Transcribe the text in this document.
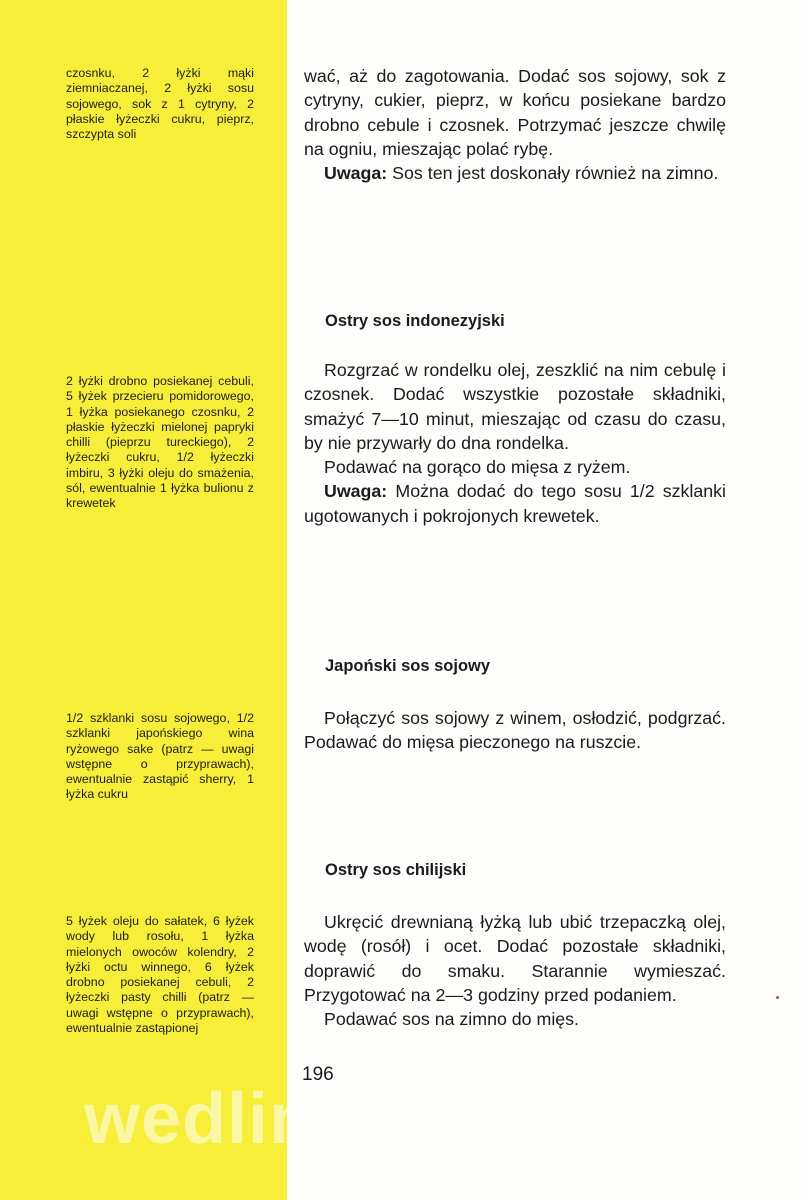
czosnku, 2 łyżki mąki ziemniaczanej, 2 łyżki sosu sojowego, sok z 1 cytryny, 2 płaskie łyżeczki cukru, pieprz, szczypta soli

2 łyżki drobno posiekanej cebuli, 5 łyżek przecieru pomidorowego, 1 łyżka posiekanego czosnku, 2 płaskie łyżeczki mielonej papryki chilli (pieprzu tureckiego), 2 łyżeczki cukru, 1/2 łyżeczki imbiru, 3 łyżki oleju do smażenia, sól, ewentualnie 1 łyżka bulionu z krewetek

1/2 szklanki sosu sojowego, 1/2 szklanki japońskiego wina ryżowego sake (patrz — uwagi wstępne o przyprawach), ewentualnie zastąpić sherry, 1 łyżka cukru

5 łyżek oleju do sałatek, 6 łyżek wody lub rosołu, 1 łyżka mielonych owoców kolendry, 2 łyżki octu winnego, 6 łyżek drobno posiekanej cebuli, 2 łyżeczki pasty chilli (patrz — uwagi wstępne o przyprawach), ewentualnie zastąpionej

wać, aż do zagotowania. Dodać sos sojowy, sok z cytryny, cukier, pieprz, w końcu posiekane bardzo drobno cebule i czosnek. Potrzymać jeszcze chwilę na ogniu, mieszając polać rybę.

Uwaga: Sos ten jest doskonały również na zimno.

Ostry sos indonezyjski

Rozgrzać w rondelku olej, zeszklić na nim cebulę i czosnek. Dodać wszystkie pozostałe składniki, smażyć 7—10 minut, mieszając od czasu do czasu, by nie przywarły do dna rondelka.

Podawać na gorąco do mięsa z ryżem.

Uwaga: Można dodać do tego sosu 1/2 szklanki ugotowanych i pokrojonych krewetek.

Japoński sos sojowy

Połączyć sos sojowy z winem, osłodzić, podgrzać. Podawać do mięsa pieczonego na ruszcie.

Ostry sos chilijski

Ukręcić drewnianą łyżką lub ubić trzepaczką olej, wodę (rosół) i ocet. Dodać pozostałe składniki, doprawić do smaku. Starannie wymieszać. Przygotować na 2—3 godziny przed podaniem.

Podawać sos na zimno do mięs.

196
wedlinydomowe.pl
